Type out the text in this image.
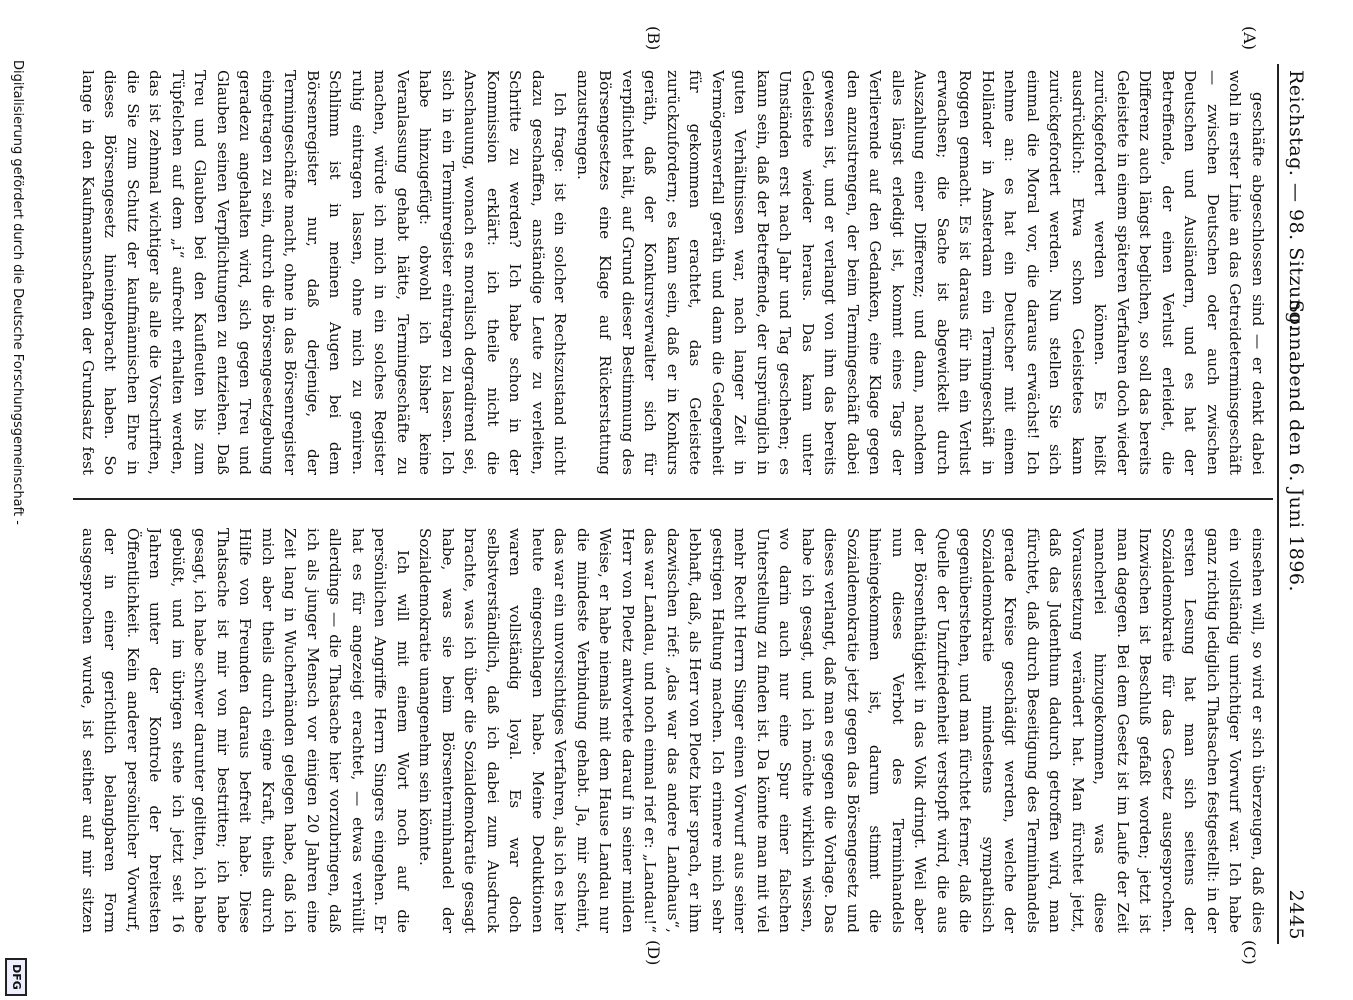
Reichstag. — 98. Sitzung.
Sonnabend den 6. Juni 1896.
2445
(A)
(B)
(C)
(D)

geschäfte abgeschlossen sind — er denkt dabei wohl in erster Linie an das Getreideterminsgeschäft — zwischen Deutschen oder auch zwischen Deutschen und Ausländern, und es hat der Betreffende, der einen Verlust erleidet, die Differenz auch längst beglichen, so soll das bereits Geleistete in einem späteren Verfahren doch wieder zurückgefordert werden können. Es heißt ausdrücklich: Etwa schon Geleistetes kann zurückgefordert werden. Nun stellen Sie sich einmal die Moral vor, die daraus erwächst! Ich nehme an: es hat ein Deutscher mit einem Holländer in Amsterdam ein Termingeschäft in Roggen gemacht. Es ist daraus für ihn ein Verlust erwachsen; die Sache ist abgewickelt durch Auszahlung einer Differenz; und dann, nachdem alles längst erledigt ist, kommt eines Tags der Verlierende auf den Gedanken, eine Klage gegen den anzustrengen, der beim Termingeschäft dabei gewesen ist, und er verlangt von ihm das bereits Geleistete wieder heraus. Das kann unter Umständen erst nach Jahr und Tag geschehen; es kann sein, daß der Betreffende, der ursprünglich in guten Verhältnissen war, nach langer Zeit in Vermögensverfall geräth und dann die Gelegenheit für gekommen erachtet, das Geleistete zurückzufordern; es kann sein, daß er in Konkurs geräth, daß der Konkursverwalter sich für verpflichtet hält, auf Grund dieser Bestimmung des Börsengesetzes eine Klage auf Rückerstattung anzustrengen.

Ich frage: ist ein solcher Rechtszustand nicht dazu geschaffen, anständige Leute zu verleiten, Schritte zu werden? Ich habe schon in der Kommission erklärt: ich theile nicht die Anschauung, wonach es moralisch degradirend sei, sich in ein Terminregister eintragen zu lassen. Ich habe hinzugefügt: obwohl ich bisher keine Veranlassung gehabt hätte, Termingeschäfte zu machen, würde ich mich in ein solches Register ruhig eintragen lassen, ohne mich zu geniren. Schlimm ist in meinen Augen bei dem Börsenregister nur, daß derjenige, der Termingeschäfte macht, ohne in das Börsenregister eingetragen zu sein, durch die Börsengesetzgebung geradezu angehalten wird, sich gegen Treu und Glauben seinen Verpflichtungen zu entziehen. Daß Treu und Glauben bei den Kaufleuten bis zum Tüpfelchen auf dem „i“ aufrecht erhalten werden, das ist zehnmal wichtiger als alle die Vorschriften, die Sie zum Schutz der kaufmännischen Ehre in dieses Börsengesetz hineingebracht haben. So lange in den Kaufmannschaften der Grundsatz fest

einsehen will, so wird er sich überzeugen, daß dies ein vollständig unrichtiger Vorwurf war. Ich habe ganz richtig lediglich Thatsachen festgestellt: in der ersten Lesung hat man sich seitens der Sozialdemokratie für das Gesetz ausgesprochen. Inzwischen ist Beschluß gefaßt worden; jetzt ist man dagegen. Bei dem Gesetz ist im Laufe der Zeit mancherlei hinzugekommen, was diese Voraussetzung verändert hat. Man fürchtet jetzt, daß das Judenthum dadurch getroffen wird, man fürchtet, daß durch Beseitigung des Terminhandels gerade Kreise geschädigt werden, welche der Sozialdemokratie mindestens sympathisch gegenüberstehen, und man fürchtet ferner, daß die Quelle der Unzufriedenheit verstopft wird, die aus der Börsenthätigkeit in das Volk dringt. Weil aber nun dieses Verbot des Terminhandels hineingekommen ist, darum stimmt die Sozialdemokratie jetzt gegen das Börsengesetz und dieses verlangt, daß man es gegen die Vorlage. Das habe ich gesagt, und ich möchte wirklich wissen, wo darin auch nur eine Spur einer falschen Unterstellung zu finden ist. Da könnte man mit viel mehr Recht Herrn Singer einen Vorwurf aus seiner gestrigen Haltung machen. Ich erinnere mich sehr lebhaft, daß, als Herr von Ploetz hier sprach, er ihm dazwischen rief: „das war das andere Landhaus“, das war Landau, und noch einmal rief er: „Landau!“ Herr von Ploetz antwortete darauf in seiner milden Weise, er habe niemals mit dem Hause Landau nur die mindeste Verbindung gehabt. Ja, mir scheint, das war ein unvorsichtiges Verfahren, als ich es hier heute eingeschlagen habe. Meine Deduktionen waren vollständig loyal. Es war doch selbstverständlich, daß ich dabei zum Ausdruck brachte, was ich über die Sozialdemokratie gesagt habe, was sie beim Börsenterminhandel der Sozialdemokratie unangenehm sein könnte.

Ich will mit einem Wort noch auf die persönlichen Angriffe Herrn Singers eingehen. Er hat es für angezeigt erachtet, — etwas verhüllt allerdings — die Thatsache hier vorzubringen, daß ich als junger Mensch vor einigen 20 Jahren eine Zeit lang in Wucherhänden gelegen habe, daß ich mich aber theils durch eigne Kraft, theils durch Hilfe von Freunden daraus befreit habe. Diese Thatsache ist mir von mir bestritten; ich habe gesagt, ich habe schwer darunter gelitten, ich habe gebüßt, und im übrigen stehe ich jetzt seit 16 Jahren unter der Kontrole der breitesten Öffentlichkeit. Kein anderer persönlicher Vorwurf, der in einer gerichtlich belangbaren Form ausgesprochen wurde, ist seither auf mir sitzen

Digitalisierung gefördert durch die Deutsche Forschungsgemeinschaft -
DFG
